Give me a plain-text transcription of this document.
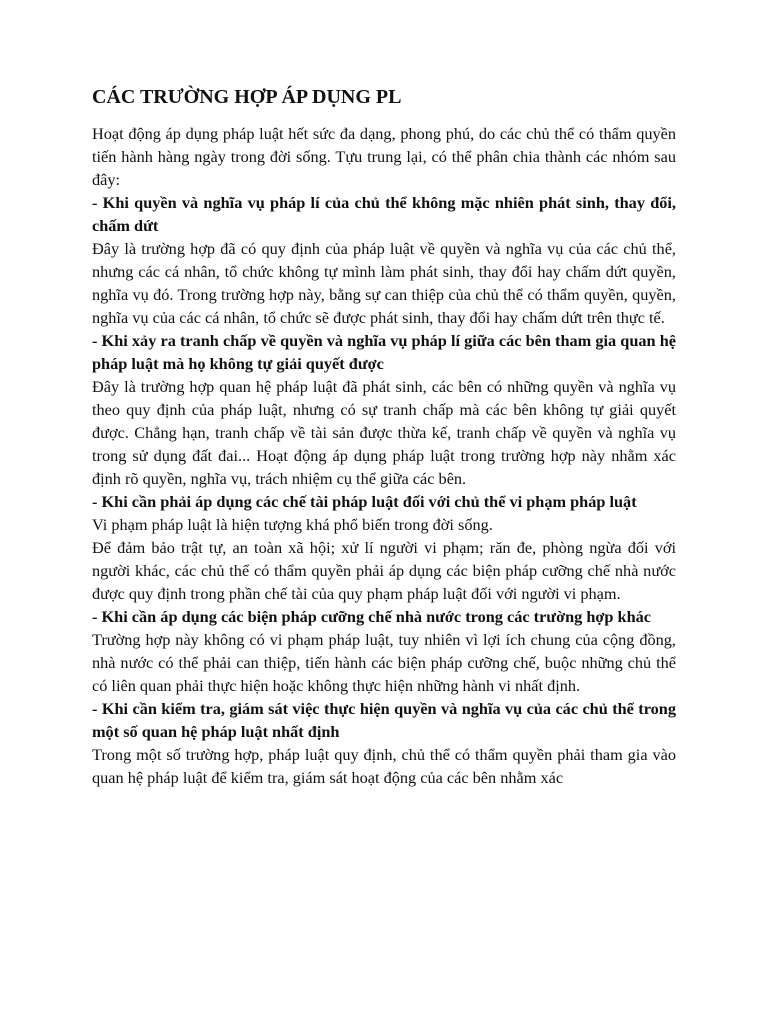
CÁC TRƯỜNG HỢP ÁP DỤNG PL

Hoạt động áp dụng pháp luật hết sức đa dạng, phong phú, do các chủ thể có thẩm quyền tiến hành hàng ngày trong đời sống. Tựu trung lại, có thể phân chia thành các nhóm sau đây:

- Khi quyền và nghĩa vụ pháp lí của chủ thể không mặc nhiên phát sinh, thay đổi, chấm dứt

Đây là trường hợp đã có quy định của pháp luật về quyền và nghĩa vụ của các chủ thể, nhưng các cá nhân, tổ chức không tự mình làm phát sinh, thay đổi hay chấm dứt quyền, nghĩa vụ đó. Trong trường hợp này, bằng sự can thiệp của chủ thể có thẩm quyền, quyền, nghĩa vụ của các cá nhân, tổ chức sẽ được phát sinh, thay đổi hay chấm dứt trên thực tế.

- Khi xảy ra tranh chấp về quyền và nghĩa vụ pháp lí giữa các bên tham gia quan hệ pháp luật mà họ không tự giải quyết được

Đây là trường hợp quan hệ pháp luật đã phát sinh, các bên có những quyền và nghĩa vụ theo quy định của pháp luật, nhưng có sự tranh chấp mà các bên không tự giải quyết được. Chẳng hạn, tranh chấp về tài sản được thừa kế, tranh chấp về quyền và nghĩa vụ trong sử dụng đất đai... Hoạt động áp dụng pháp luật trong trường hợp này nhằm xác định rõ quyền, nghĩa vụ, trách nhiệm cụ thể giữa các bên.

- Khi cần phải áp dụng các chế tài pháp luật đối với chủ thể vi phạm pháp luật

Vi phạm pháp luật là hiện tượng khá phổ biến trong đời sống.

Để đảm bảo trật tự, an toàn xã hội; xử lí người vi phạm; răn đe, phòng ngừa đối với người khác, các chủ thể có thẩm quyền phải áp dụng các biện pháp cưỡng chế nhà nước được quy định trong phần chế tài của quy phạm pháp luật đối với người vi phạm.

- Khi cần áp dụng các biện pháp cưỡng chế nhà nước trong các trường hợp khác

Trường hợp này không có vi phạm pháp luật, tuy nhiên vì lợi ích chung của cộng đồng, nhà nước có thể phải can thiệp, tiến hành các biện pháp cưỡng chế, buộc những chủ thể có liên quan phải thực hiện hoặc không thực hiện những hành vi nhất định.

- Khi cần kiểm tra, giám sát việc thực hiện quyền và nghĩa vụ của các chủ thể trong một số quan hệ pháp luật nhất định

Trong một số trường hợp, pháp luật quy định, chủ thể có thẩm quyền phải tham gia vào quan hệ pháp luật để kiểm tra, giám sát hoạt động của các bên nhằm xác
